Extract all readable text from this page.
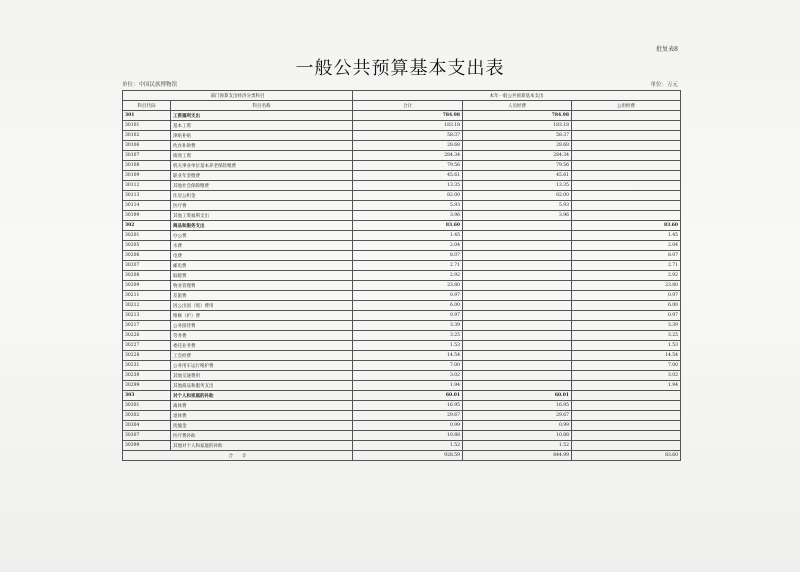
批复表8
一般公共预算基本支出表
单位：中国民族博物馆	单位：万元
部门预算支出经济分类科目		本年一般公共预算基本支出		
科目代码	科目名称	合计	人员经费	公用经费
301	工资福利支出	784.98	784.98	
30101	基本工资	183.18	183.18	
30102	津贴补贴	58.37	58.37	
30106	伙食补助费	28.68	28.68	
30107	绩效工资	284.34	284.34	
30108	机关事业单位基本养老保险缴费	79.56	79.56	
30109	职业年金缴费	45.61	45.61	
30112	其他社会保障缴费	13.35	13.35	
30113	住房公积金	82.00	82.00	
30114	医疗费	5.93	5.93	
30199	其他工资福利支出	3.96	3.96	
302	商品和服务支出	83.60		83.60
30201	办公费	1.45		1.45
30205	水费	2.04		2.04
30206	电费	8.07		8.07
30207	邮电费	2.71		2.71
30208	取暖费	2.92		2.92
30209	物业管理费	23.80		23.80
30211	差旅费	0.97		0.97
30212	因公出国（境）费用	6.00		6.00
30213	维修（护）费	0.97		0.97
30217	公务接待费	3.39		3.39
30226	劳务费	3.25		3.25
30227	委托业务费	1.53		1.53
30228	工会经费	14.54		14.54
30231	公务用车运行维护费	7.00		7.00
30239	其他交通费用	3.02		3.02
30299	其他商品和服务支出	1.94		1.94
303	对个人和家庭的补助	60.01	60.01	
30301	离休费	16.95	16.95	
30302	退休费	29.67	29.67	
30304	抚恤金	0.99	0.99	
30307	医疗费补助	10.88	10.88	
30399	其他对个人和家庭的补助	1.52	1.52	
合　　计		928.59	844.99	83.60
